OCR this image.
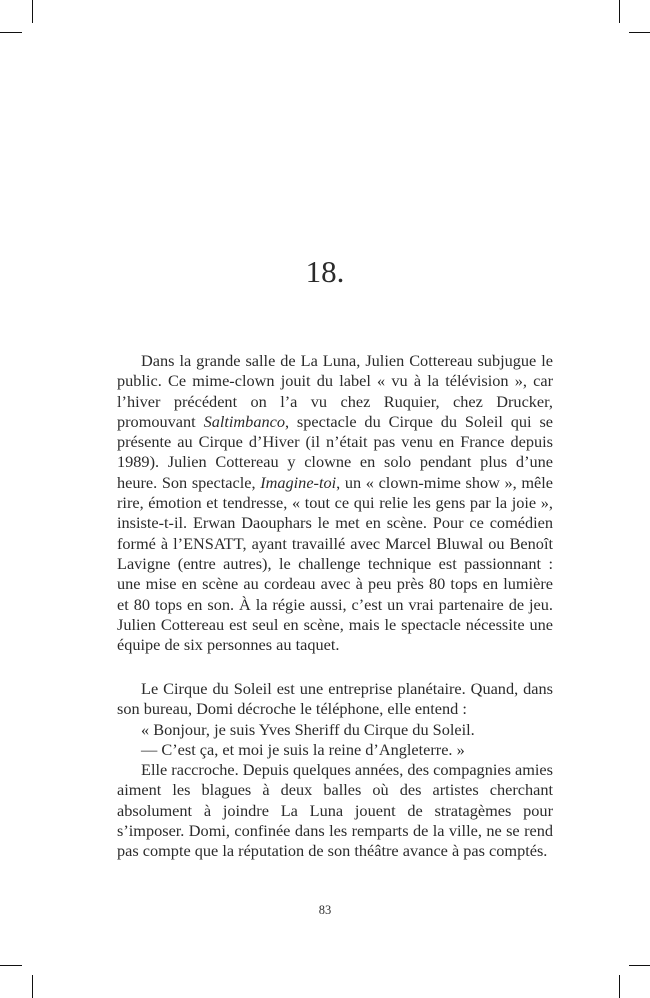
18.

Dans la grande salle de La Luna, Julien Cottereau subjugue le public. Ce mime-clown jouit du label « vu à la télévision », car l’hiver précédent on l’a vu chez Ruquier, chez Drucker, promouvant Saltimbanco, spectacle du Cirque du Soleil qui se présente au Cirque d’Hiver (il n’était pas venu en France depuis 1989). Julien Cottereau y clowne en solo pendant plus d’une heure. Son spectacle, Imagine-toi, un « clown-mime show », mêle rire, émotion et tendresse, « tout ce qui relie les gens par la joie », insiste-t-il. Erwan Daouphars le met en scène. Pour ce comédien formé à l’ENSATT, ayant travaillé avec Marcel Bluwal ou Benoît Lavigne (entre autres), le challenge technique est passionnant : une mise en scène au cordeau avec à peu près 80 tops en lumière et 80 tops en son. À la régie aussi, c’est un vrai partenaire de jeu. Julien Cottereau est seul en scène, mais le spectacle nécessite une équipe de six personnes au taquet.

Le Cirque du Soleil est une entreprise planétaire. Quand, dans son bureau, Domi décroche le téléphone, elle entend :

« Bonjour, je suis Yves Sheriff du Cirque du Soleil.

— C’est ça, et moi je suis la reine d’Angleterre. »

Elle raccroche. Depuis quelques années, des compagnies amies aiment les blagues à deux balles où des artistes cherchant absolument à joindre La Luna jouent de stratagèmes pour s’imposer. Domi, confinée dans les remparts de la ville, ne se rend pas compte que la réputation de son théâtre avance à pas comptés.

83
